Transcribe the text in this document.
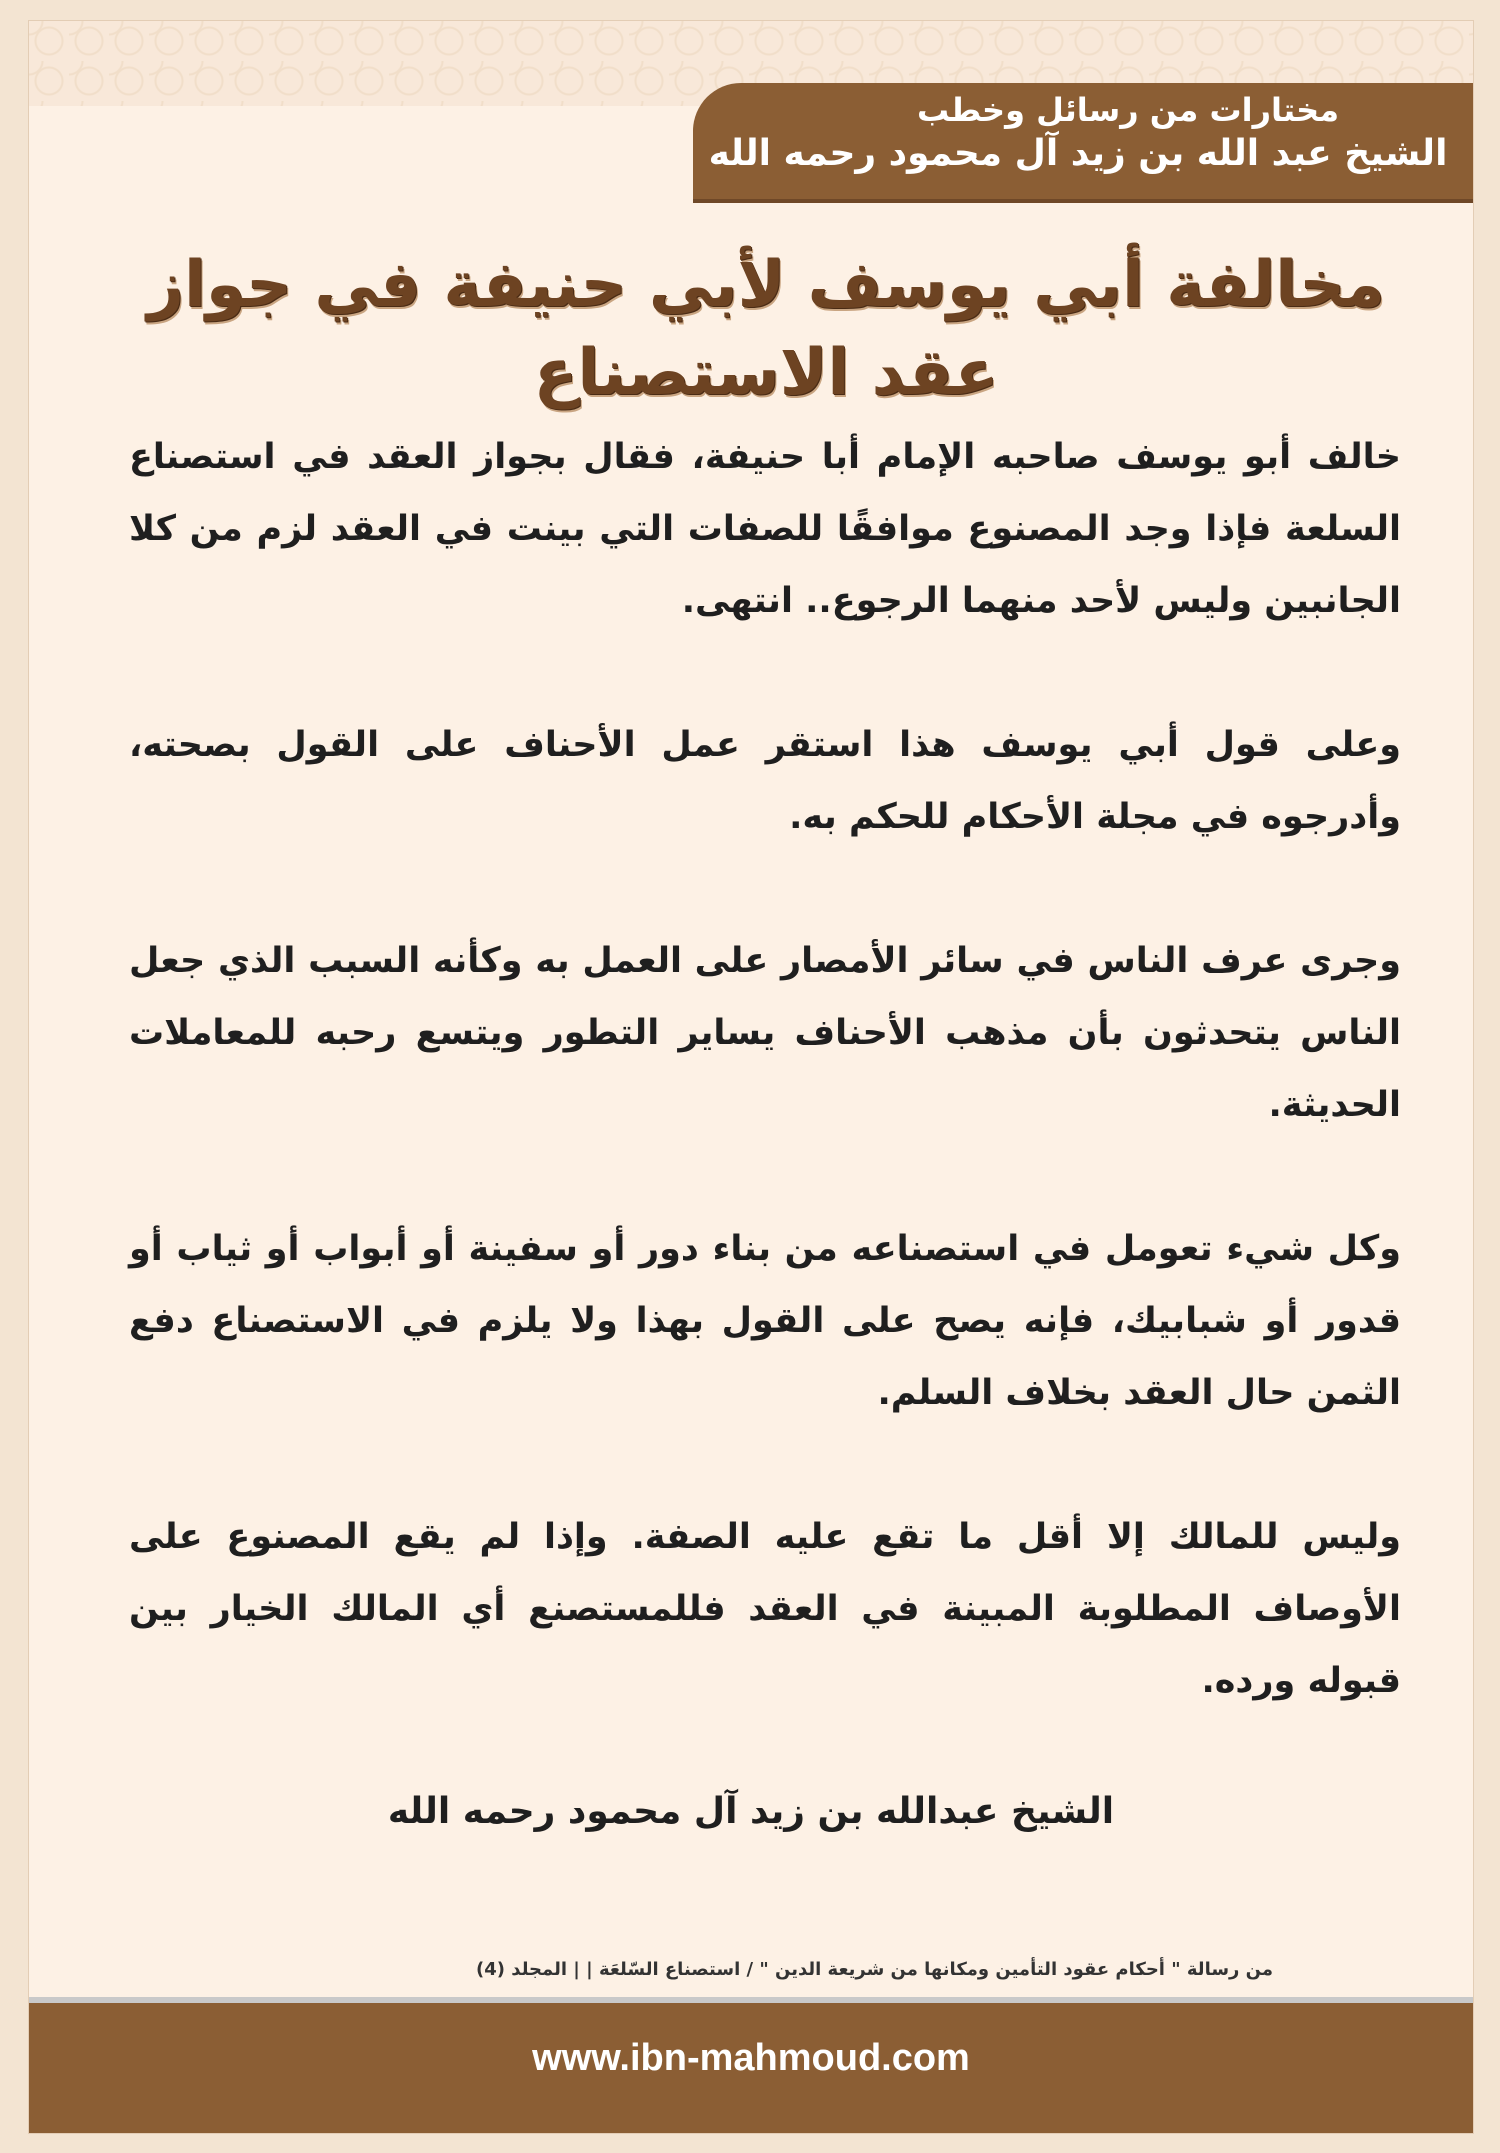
مختارات من رسائل وخطب
الشيخ عبد الله بن زيد آل محمود رحمه الله
مخالفة أبي يوسف لأبي حنيفة في جواز عقد الاستصناع

خالف أبو يوسف صاحبه الإمام أبا حنيفة، فقال بجواز العقد في استصناع السلعة فإذا وجد المصنوع موافقًا للصفات التي بينت في العقد لزم من كلا الجانبين وليس لأحد منهما الرجوع.. انتهى.

وعلى قول أبي يوسف هذا استقر عمل الأحناف على القول بصحته، وأدرجوه في مجلة الأحكام للحكم به.

وجرى عرف الناس في سائر الأمصار على العمل به وكأنه السبب الذي جعل الناس يتحدثون بأن مذهب الأحناف يساير التطور ويتسع رحبه للمعاملات الحديثة.

وكل شيء تعومل في استصناعه من بناء دور أو سفينة أو أبواب أو ثياب أو قدور أو شبابيك، فإنه يصح على القول بهذا ولا يلزم في الاستصناع دفع الثمن حال العقد بخلاف السلم.

وليس للمالك إلا أقل ما تقع عليه الصفة. وإذا لم يقع المصنوع على الأوصاف المطلوبة المبينة في العقد فللمستصنع أي المالك الخيار بين قبوله ورده.

الشيخ عبدالله بن زيد آل محمود رحمه الله
من رسالة " أحكام عقود التأمين ومكانها من شريعة الدين " / استصناع السّلعَة | | المجلد (4)
www.ibn-mahmoud.com
